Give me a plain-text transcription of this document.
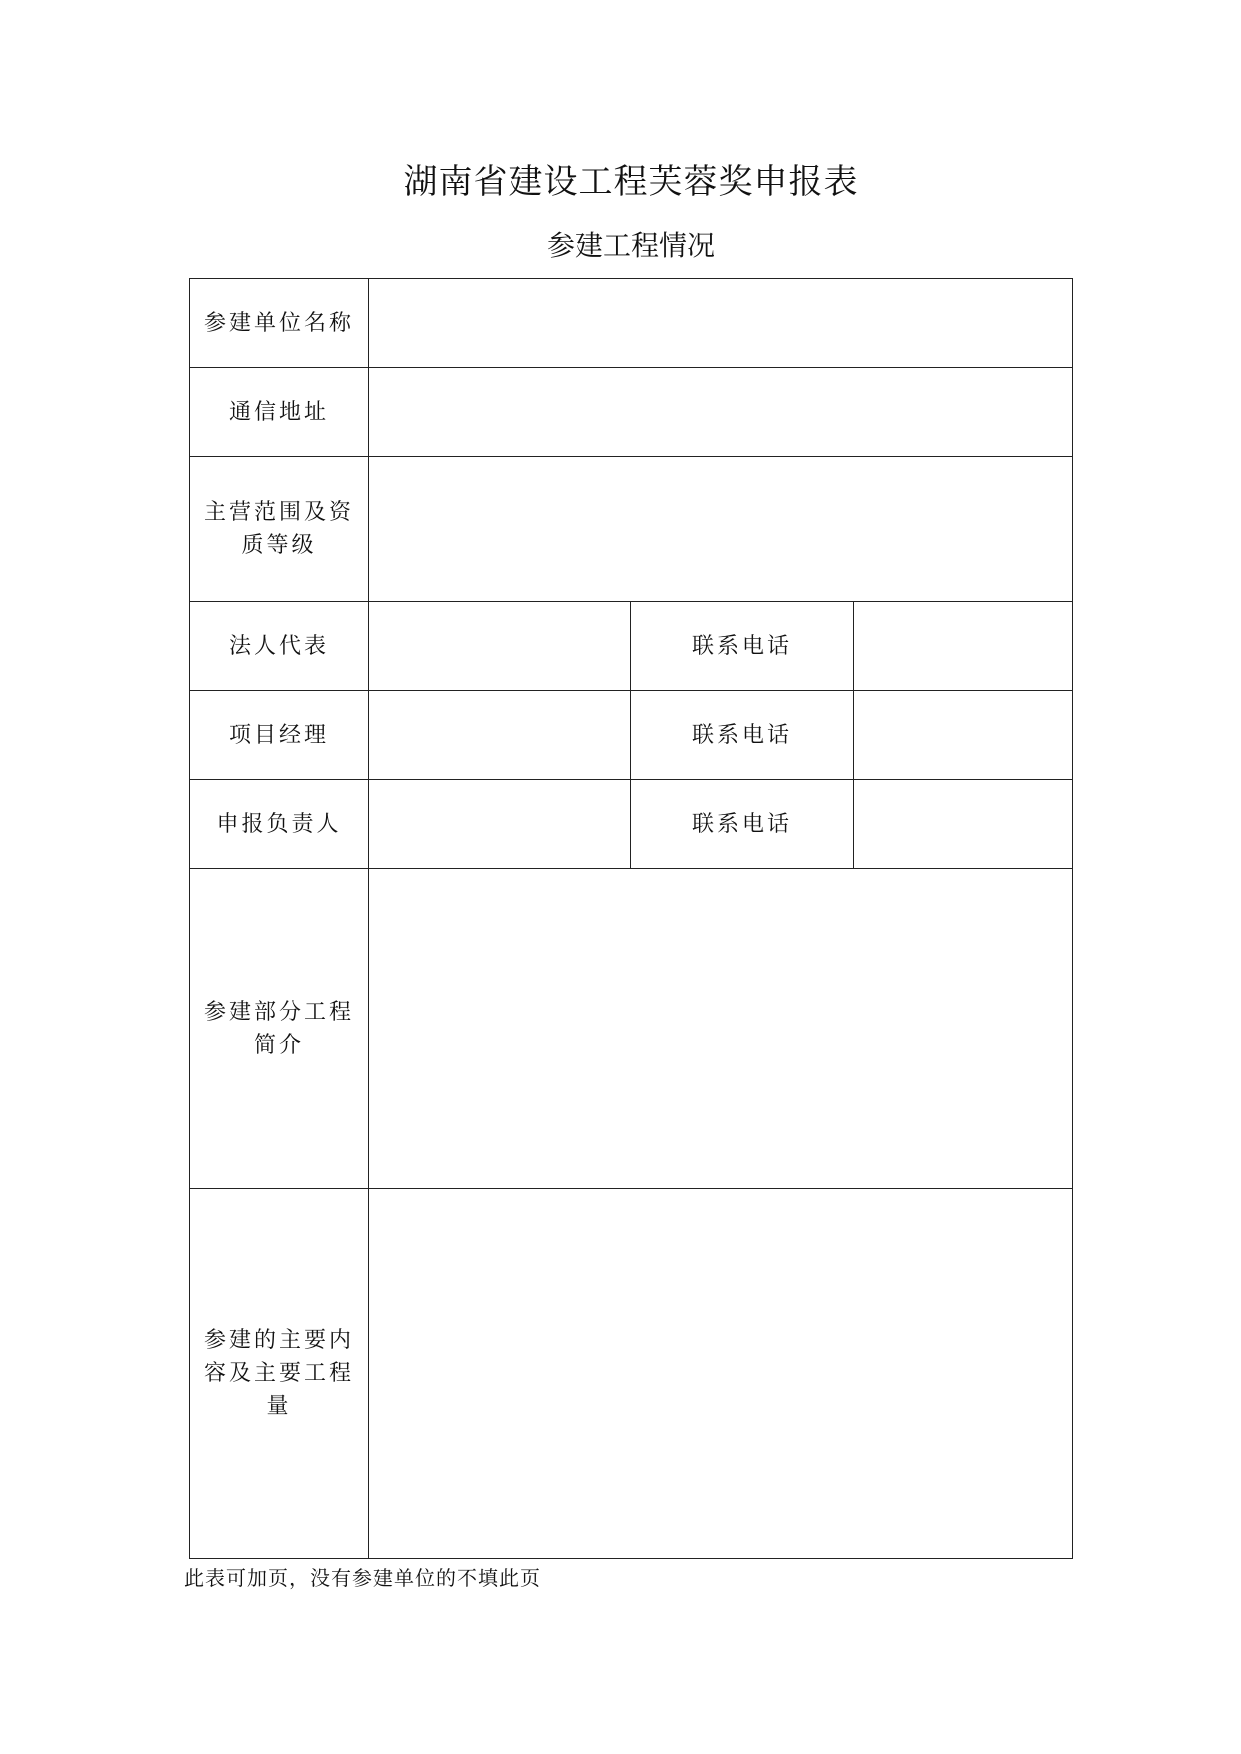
湖南省建设工程芙蓉奖申报表
参建工程情况
参建单位名称			
通信地址			
主营范围及资质等级			
法人代表		联系电话	
项目经理		联系电话	
申报负责人		联系电话	
参建部分工程简介			
参建的主要内容及主要工程量			
此表可加页，没有参建单位的不填此页
